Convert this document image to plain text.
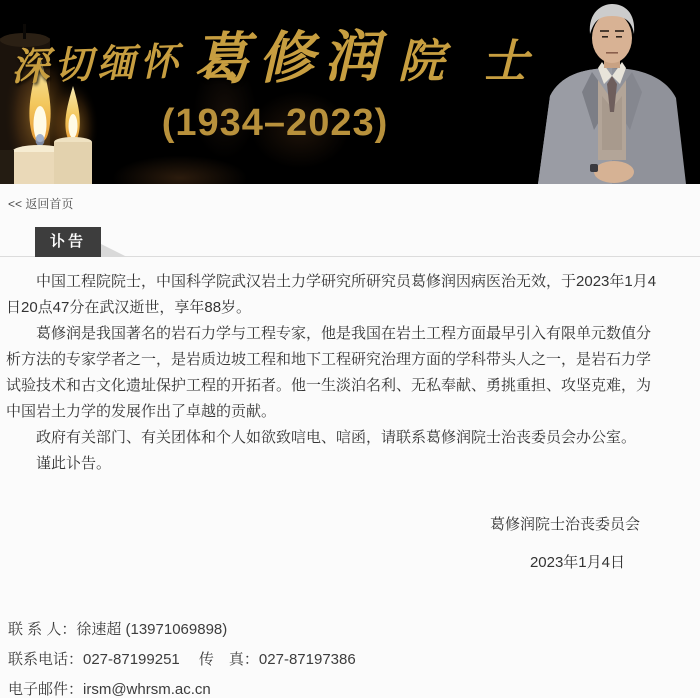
深切缅怀 葛修润 院 士
(1934–2023)
<< 返回首页
讣告

中国工程院院士，中国科学院武汉岩土力学研究所研究员葛修润因病医治无效，于2023年1月4日20点47分在武汉逝世，享年88岁。

葛修润是我国著名的岩石力学与工程专家，他是我国在岩土工程方面最早引入有限单元数值分析方法的专家学者之一，是岩质边坡工程和地下工程研究治理方面的学科带头人之一，是岩石力学试验技术和古文化遗址保护工程的开拓者。他一生淡泊名利、无私奉献、勇挑重担、攻坚克难，为中国岩土力学的发展作出了卓越的贡献。

政府有关部门、有关团体和个人如欲致唁电、唁函，请联系葛修润院士治丧委员会办公室。

谨此讣告。

葛修润院士治丧委员会
2023年1月4日
联 系 人：徐速超 (13971069898)
联系电话：027-87199251　 传　真：027-87197386
电子邮件：irsm@whrsm.ac.cn
